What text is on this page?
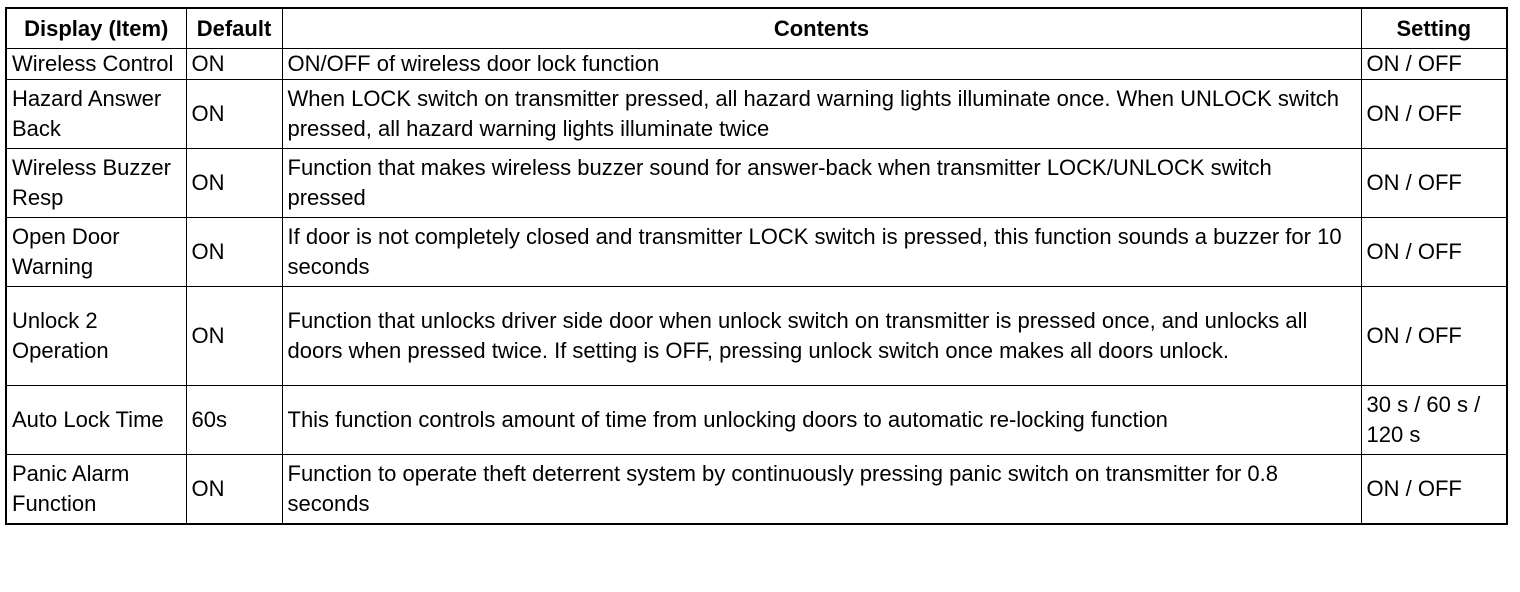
Display (Item)	Default	Contents	Setting
Wireless Control	ON	ON/OFF of wireless door lock function	ON / OFF
Hazard Answer Back	ON	When LOCK switch on transmitter pressed, all hazard warning lights illuminate once. When UNLOCK switch pressed, all hazard warning lights illuminate twice	ON / OFF
Wireless Buzzer Resp	ON	Function that makes wireless buzzer sound for answer-back when transmitter LOCK/UNLOCK switch pressed	ON / OFF
Open Door Warning	ON	If door is not completely closed and transmitter LOCK switch is pressed, this function sounds a buzzer for 10 seconds	ON / OFF
Unlock 2 Operation	ON	Function that unlocks driver side door when unlock switch on transmitter is pressed once, and unlocks all doors when pressed twice. If setting is OFF, pressing unlock switch once makes all doors unlock.	ON / OFF
Auto Lock Time	60s	This function controls amount of time from unlocking doors to automatic re-locking function	30 s / 60 s / 120 s
Panic Alarm Function	ON	Function to operate theft deterrent system by continuously pressing panic switch on transmitter for 0.8 seconds	ON / OFF
